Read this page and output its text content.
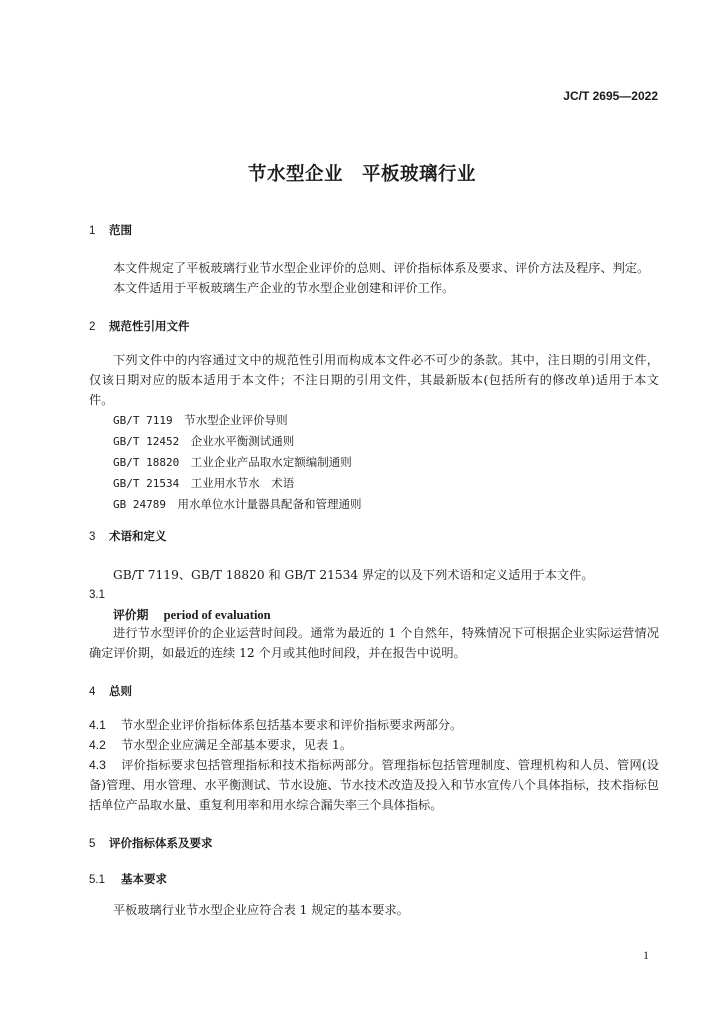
JC/T 2695—2022
节水型企业　平板玻璃行业
1 范围

本文件规定了平板玻璃行业节水型企业评价的总则、评价指标体系及要求、评价方法及程序、判定。

本文件适用于平板玻璃生产企业的节水型企业创建和评价工作。

2 规范性引用文件

下列文件中的内容通过文中的规范性引用而构成本文件必不可少的条款。其中，注日期的引用文件，仅该日期对应的版本适用于本文件；不注日期的引用文件，其最新版本(包括所有的修改单)适用于本文件。

GB/T 7119　 节水型企业评价导则
GB/T 12452　 企业水平衡测试通则
GB/T 18820　 工业企业产品取水定额编制通则
GB/T 21534　 工业用水节水　术语
GB 24789　 用水单位水计量器具配备和管理通则
3 术语和定义

GB/T 7119、GB/T 18820 和 GB/T 21534 界定的以及下列术语和定义适用于本文件。

3.1
评价期 period of evaluation

进行节水型评价的企业运营时间段。通常为最近的 1 个自然年，特殊情况下可根据企业实际运营情况确定评价期，如最近的连续 12 个月或其他时间段，并在报告中说明。

4 总则

4.1 节水型企业评价指标体系包括基本要求和评价指标要求两部分。

4.2 节水型企业应满足全部基本要求，见表 1。

4.3 评价指标要求包括管理指标和技术指标两部分。管理指标包括管理制度、管理机构和人员、管网(设备)管理、用水管理、水平衡测试、节水设施、节水技术改造及投入和节水宣传八个具体指标，技术指标包括单位产品取水量、重复利用率和用水综合漏失率三个具体指标。

5 评价指标体系及要求
5.1 基本要求

平板玻璃行业节水型企业应符合表 1 规定的基本要求。

1
